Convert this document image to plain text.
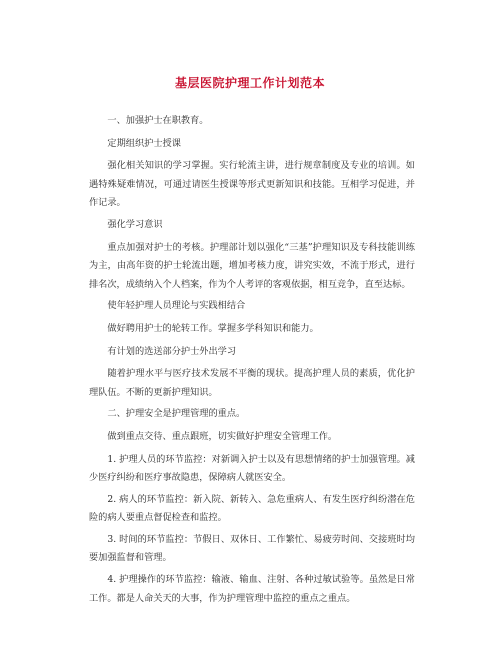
基层医院护理工作计划范本

一、加强护士在职教育。

定期组织护士授课

强化相关知识的学习掌握。实行轮流主讲，进行规章制度及专业的培训。如遇特殊疑难情况，可通过请医生授课等形式更新知识和技能。互相学习促进，并作记录。

强化学习意识

重点加强对护士的考核。护理部计划以强化“三基”护理知识及专科技能训练为主，由高年资的护士轮流出题，增加考核力度，讲究实效，不流于形式，进行排名次，成绩纳入个人档案，作为个人考评的客观依据，相互竞争，直至达标。

使年轻护理人员理论与实践相结合

做好聘用护士的轮转工作。掌握多学科知识和能力。

有计划的选送部分护士外出学习

随着护理水平与医疗技术发展不平衡的现状。提高护理人员的素质，优化护理队伍。不断的更新护理知识。

二、护理安全是护理管理的重点。

做到重点交待、重点跟班，切实做好护理安全管理工作。

1. 护理人员的环节监控：对新调入护士以及有思想情绪的护士加强管理。减少医疗纠纷和医疗事故隐患，保障病人就医安全。

2. 病人的环节监控：新入院、新转入、急危重病人、有发生医疗纠纷潜在危险的病人要重点督促检查和监控。

3. 时间的环节监控：节假日、双休日、工作繁忙、易疲劳时间、交接班时均要加强监督和管理。

4. 护理操作的环节监控：输液、输血、注射、各种过敏试验等。虽然是日常工作。都是人命关天的大事，作为护理管理中监控的重点之重点。
